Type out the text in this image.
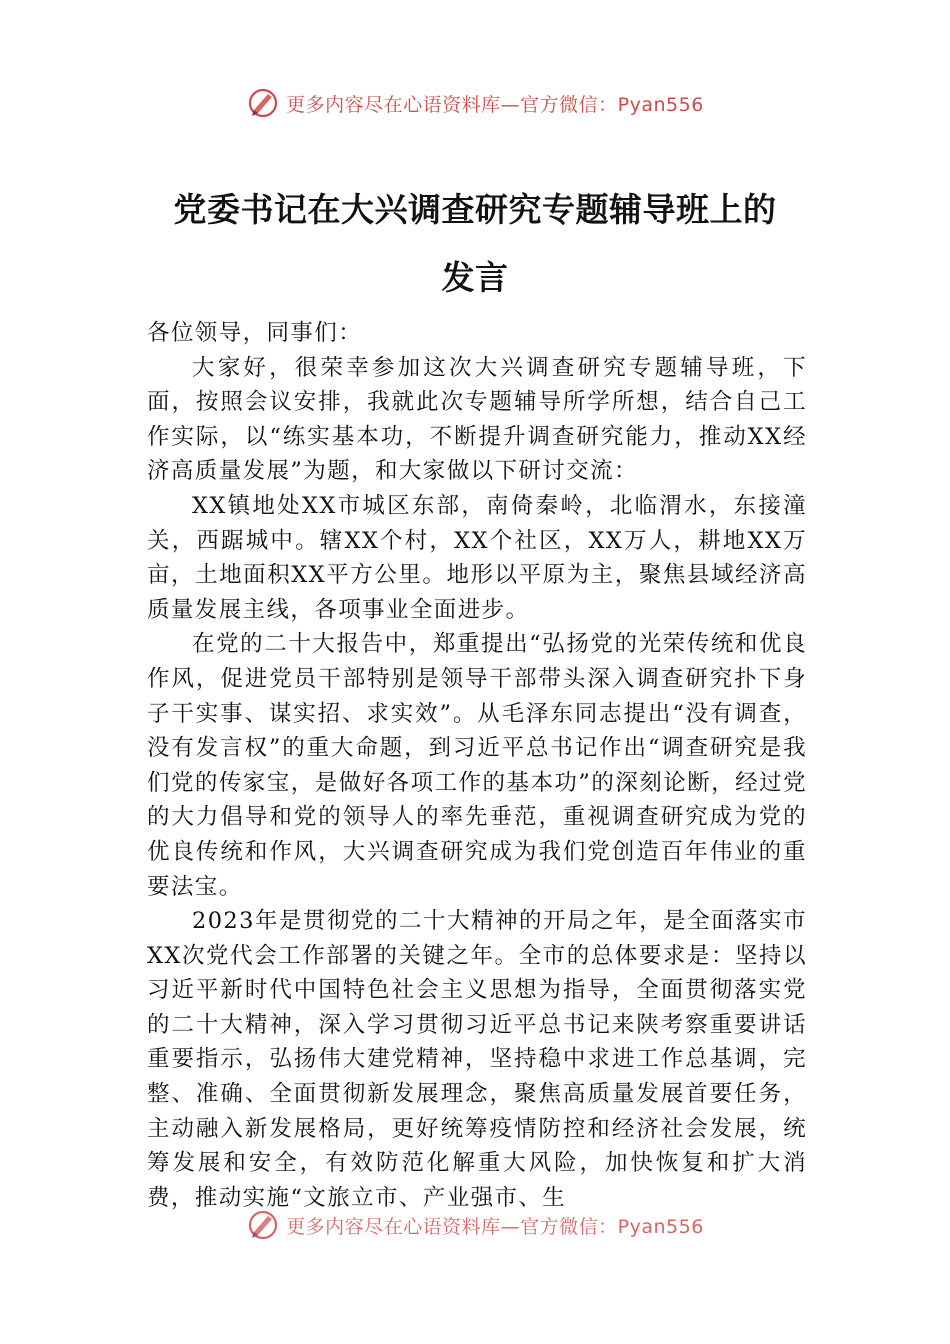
更多内容尽在心语资料库—官方微信：Pyan556
党委书记在大兴调查研究专题辅导班上的
发言

各位领导，同事们：

大家好，很荣幸参加这次大兴调查研究专题辅导班，下面，按照会议安排，我就此次专题辅导所学所想，结合自己工作实际，以“练实基本功，不断提升调查研究能力，推动XX经济高质量发展”为题，和大家做以下研讨交流：

XX镇地处XX市城区东部，南倚秦岭，北临渭水，东接潼关，西踞城中。辖XX个村，XX个社区，XX万人，耕地XX万亩，土地面积XX平方公里。地形以平原为主，聚焦县域经济高质量发展主线，各项事业全面进步。

在党的二十大报告中，郑重提出“弘扬党的光荣传统和优良作风，促进党员干部特别是领导干部带头深入调查研究扑下身子干实事、谋实招、求实效”。从毛泽东同志提出“没有调查，没有发言权”的重大命题，到习近平总书记作出“调查研究是我们党的传家宝，是做好各项工作的基本功”的深刻论断，经过党的大力倡导和党的领导人的率先垂范，重视调查研究成为党的优良传统和作风，大兴调查研究成为我们党创造百年伟业的重要法宝。

2023年是贯彻党的二十大精神的开局之年，是全面落实市XX次党代会工作部署的关键之年。全市的总体要求是：坚持以习近平新时代中国特色社会主义思想为指导，全面贯彻落实党的二十大精神，深入学习贯彻习近平总书记来陕考察重要讲话重要指示，弘扬伟大建党精神，坚持稳中求进工作总基调，完整、准确、全面贯彻新发展理念，聚焦高质量发展首要任务，主动融入新发展格局，更好统筹疫情防控和经济社会发展，统筹发展和安全，有效防范化解重大风险，加快恢复和扩大消费，推动实施“文旅立市、产业强市、生

更多内容尽在心语资料库—官方微信：Pyan556
